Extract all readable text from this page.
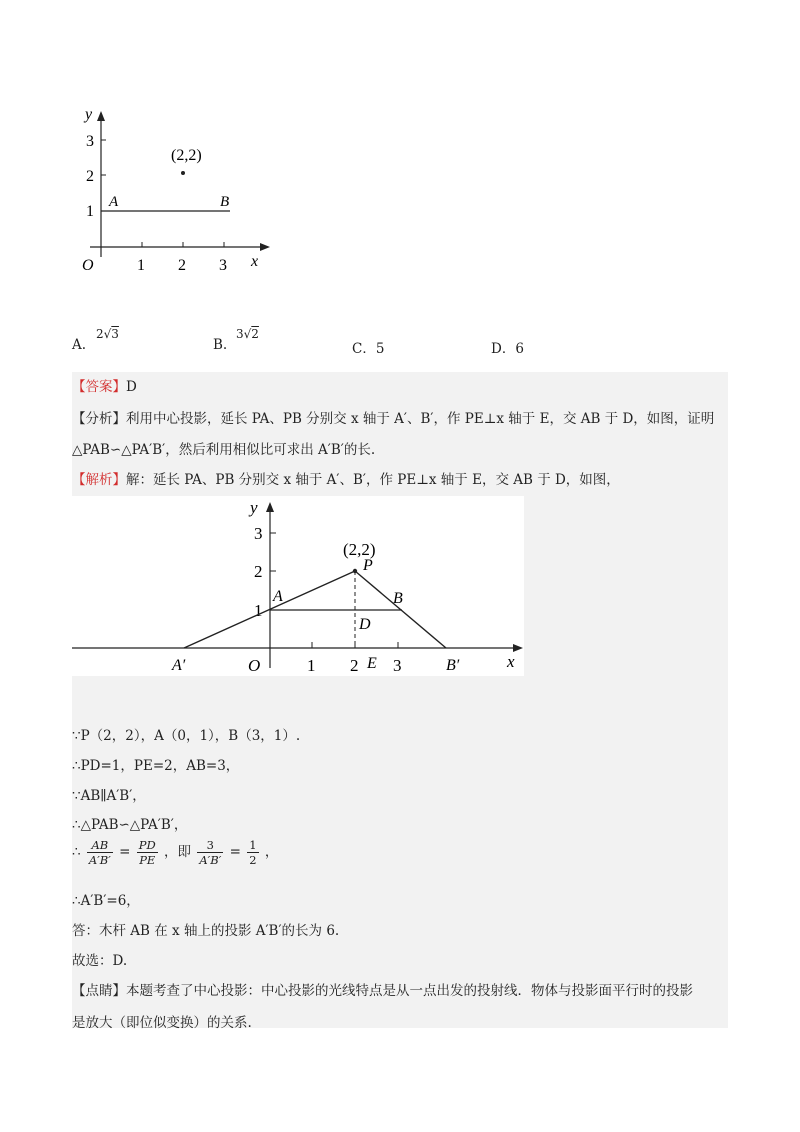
y
x
O	1 2 3
1
2
3
A	B
(2,2)
A.
2√3
B.
3√2
C．5	D．6
【答案】D
【分析】利用中心投影，延长 PA、PB 分别交 x 轴于 A′、B′，作 PE⊥x 轴于 E，交 AB 于 D，如图，证明
△PAB∽△PA′B′，然后利用相似比可求出 A′B′的长.
【解析】解：延长 PA、PB 分别交 x 轴于 A′、B′，作 PE⊥x 轴于 E，交 AB 于 D，如图，
y
x
O	1 2 3
1
2
3
(2,2)
P
A	B
D
E
A′	B′
∵P（2，2），A（0，1），B（3，1）.
∴PD=1，PE=2，AB=3，
∵AB∥A′B′，
∴△PAB∽△PA′B′，
∴ $\frac{AB}{A'B'} = \frac{PD}{PE}$ ，即 $\frac{3}{A'B'} = \frac{1}{2}$ ，
∴A′B′=6，
答：木杆 AB 在 x 轴上的投影 A′B′的长为 6.
故选：D.
【点睛】本题考查了中心投影：中心投影的光线特点是从一点出发的投射线．物体与投影面平行时的投影
是放大（即位似变换）的关系.
